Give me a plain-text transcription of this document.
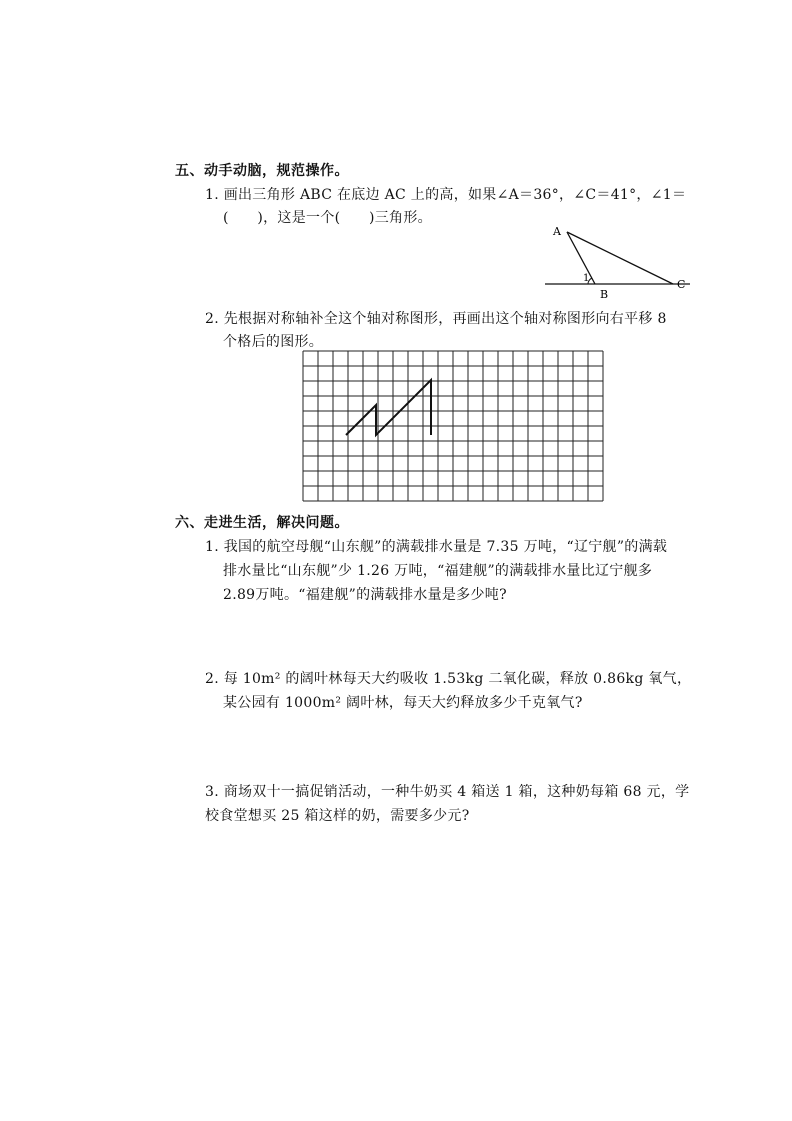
五、动手动脑，规范操作。
1. 画出三角形 ABC 在底边 AC 上的高，如果∠A＝36°，∠C＝41°，∠1＝
(　　)，这是一个(　　)三角形。
A
1
B
C
2. 先根据对称轴补全这个轴对称图形，再画出这个轴对称图形向右平移 8
个格后的图形。
六、走进生活，解决问题。
1. 我国的航空母舰“山东舰”的满载排水量是 7.35 万吨，“辽宁舰”的满载
排水量比“山东舰”少 1.26 万吨，“福建舰”的满载排水量比辽宁舰多
2.89万吨。“福建舰”的满载排水量是多少吨?
2. 每 10m² 的阔叶林每天大约吸收 1.53kg 二氧化碳，释放 0.86kg 氧气，
某公园有 1000m² 阔叶林，每天大约释放多少千克氧气?
3. 商场双十一搞促销活动，一种牛奶买 4 箱送 1 箱，这种奶每箱 68 元，学
校食堂想买 25 箱这样的奶，需要多少元?
